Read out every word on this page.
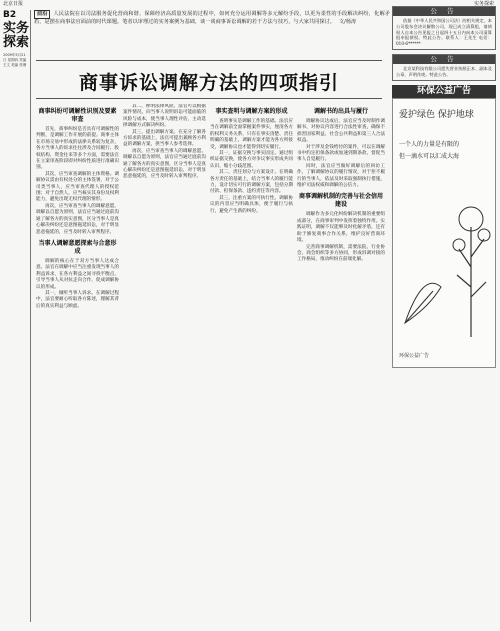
北京日报	实务探索
B2
实务探索
2009年5月21日 星期四 责编 王文 美编 张珊
前沿 人民法院在以司法服务促化营商和谐、保障经济高质量发展的过程中，如何充分运用调解等多元解纷手段，以更为柔性的手段解决纠纷，化解矛盾，是摆在商事法官面前的时代课题。笔者以审理过的实务案例为基础，谈一谈商事诉讼调解的若干方法与技巧，与大家共同探讨。 文/杨涛
商事诉讼调解方法的四项指引
商事纠纷可调解性识别及要素审查

首先，商事纠纷是否具有可调解性的判断，是调解工作开展的前提。商事主体在市场交易中形成的法律关系较为复杂，各方当事人的诉求往往涉及合同履行、股权结构、资金往来等多个方面，需要法官在立案审查阶段即对纠纷性质进行准确识别。

其次，应当审查调解的主体资格。调解协议需由有权处分的主体签署，对于公司类当事人，应当审查代理人的授权范围；对于自然人，应当核实其身份及权利能力，避免出现无权代理的情形。

再次，应当审查当事人的调解意愿。调解以自愿为原则，法官应当通过庭前沟通了解各方的真实意图，区分当事人是真心解决纠纷还是意图拖延诉讼，对于明显恶意拖延的，应当及时转入审判程序。

当事人调解意愿探索与合意形成

调解的核心在于双方当事人达成合意。法官在调解中应当注重发现当事人的利益诉求，在各方利益之间寻找平衡点，引导当事人从对抗走向合作，促成调解协议的形成。

其一，倾听当事人诉求。在调解过程中，法官要耐心听取各方陈述，理解其背后的真实利益与顾虑。

其二，释明法律风险。法官可以根据案件情况，向当事人说明诉讼可能面临的风险与成本，使当事人理性评估，主动选择调解方式解决纠纷。

其三，提出调解方案。在充分了解各方诉求的基础上，法官可提出兼顾各方利益的调解方案，供当事人参考选择。

再次，应当审查当事人的调解意愿。调解以自愿为原则，法官应当通过庭前沟通了解各方的真实意图，区分当事人是真心解决纠纷还是意图拖延诉讼，对于明显恶意拖延的，应当及时转入审判程序。

事实查明与调解方案的形成

查明事实是调解工作的基础。法官应当在调解前全面掌握案件事实，厘清各方的权利义务关系，只有在事实清楚、责任明确的基础上，调解方案才能为各方所接受，调解协议也才能得到切实履行。

其一，证据交换与事实固定。通过组织证据交换，使各方对争议事实形成共同认识，缩小分歧范围。

其二，责任划分与方案设计。在明确各方责任的基础上，结合当事人的履行能力，设计切实可行的调解方案，包括分期付款、担保条款、违约责任等内容。

其三，注重方案的可执行性。调解协议的内容应当明确具体，便于履行与执行，避免产生新的纠纷。

调解书的出具与履行

调解协议达成后，法官应当及时制作调解书，对协议内容进行合法性审查，确保不损害国家利益、社会公共利益和第三人合法权益。

对于涉及金钱给付的案件，可以在调解书中约定担保条款或加速到期条款，督促当事人自觉履行。

同时，法官应当做好调解后的回访工作，了解调解协议的履行情况，对于拒不履行的当事人，依法及时采取强制执行措施，维护司法权威和调解的公信力。

商事调解机制的完善与社会信用建设

调解作为多元化纠纷解决机制的重要组成部分，在商事审判中发挥着独特作用。实践证明，调解不仅能够及时化解矛盾，还有助于修复商事合作关系，维护良好营商环境。

完善商事调解机制，需要法院、行业协会、商会组织等多方协同，形成诉调对接的工作格局，推动纠纷在前端化解。

公 告
依据《中华人民共和国公司法》的相关规定，本公司股东会决议解散公司，现已成立清算组，请债权人自本公告见报之日起四十五日内向本公司清算组申报债权。特此公告。联系人：王先生 电话：010-6******
公 告
北京某科技有限公司遗失营业执照正本、副本及公章，声明作废。特此公告。
环保公益广告
爱护绿色 保护地球
一个人的力量是有限的
但一滴水可以汇成大海
环保公益广告
